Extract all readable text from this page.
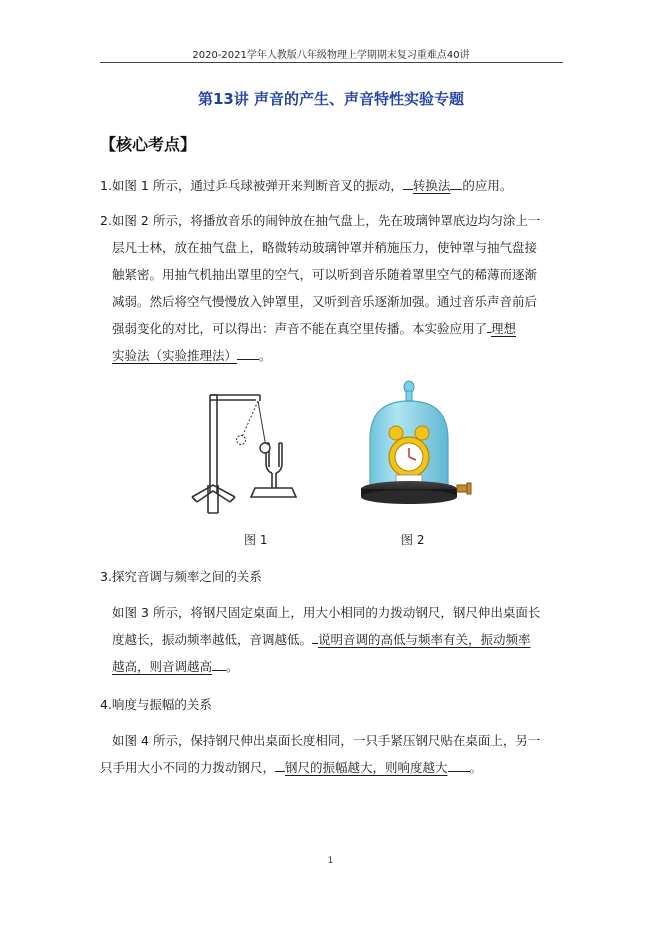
2020-2021学年人教版八年级物理上学期期末复习重难点40讲
第13讲 声音的产生、声音特性实验专题
【核心考点】
1.如图 1 所示，通过乒乓球被弹开来判断音叉的振动， 转换法 的应用。
2.如图 2 所示，将播放音乐的闹钟放在抽气盘上，先在玻璃钟罩底边均匀涂上一
层凡士林，放在抽气盘上，略微转动玻璃钟罩并稍施压力，使钟罩与抽气盘接
触紧密。用抽气机抽出罩里的空气，可以听到音乐随着罩里空气的稀薄而逐渐
减弱。然后将空气慢慢放入钟罩里，又听到音乐逐渐加强。通过音乐声音前后
强弱变化的对比，可以得出：声音不能在真空里传播。本实验应用了 理想
实验法（实验推理法） 。
图 1	图 2
3.探究音调与频率之间的关系
如图 3 所示，将钢尺固定桌面上，用大小相同的力拨动钢尺，钢尺伸出桌面长
度越长，振动频率越低，音调越低。 说明音调的高低与频率有关，振动频率
越高，则音调越高 。
4.响度与振幅的关系
如图 4 所示，保持钢尺伸出桌面长度相同，一只手紧压钢尺贴在桌面上，另一
只手用大小不同的力拨动钢尺， 钢尺的振幅越大，则响度越大 。
1
